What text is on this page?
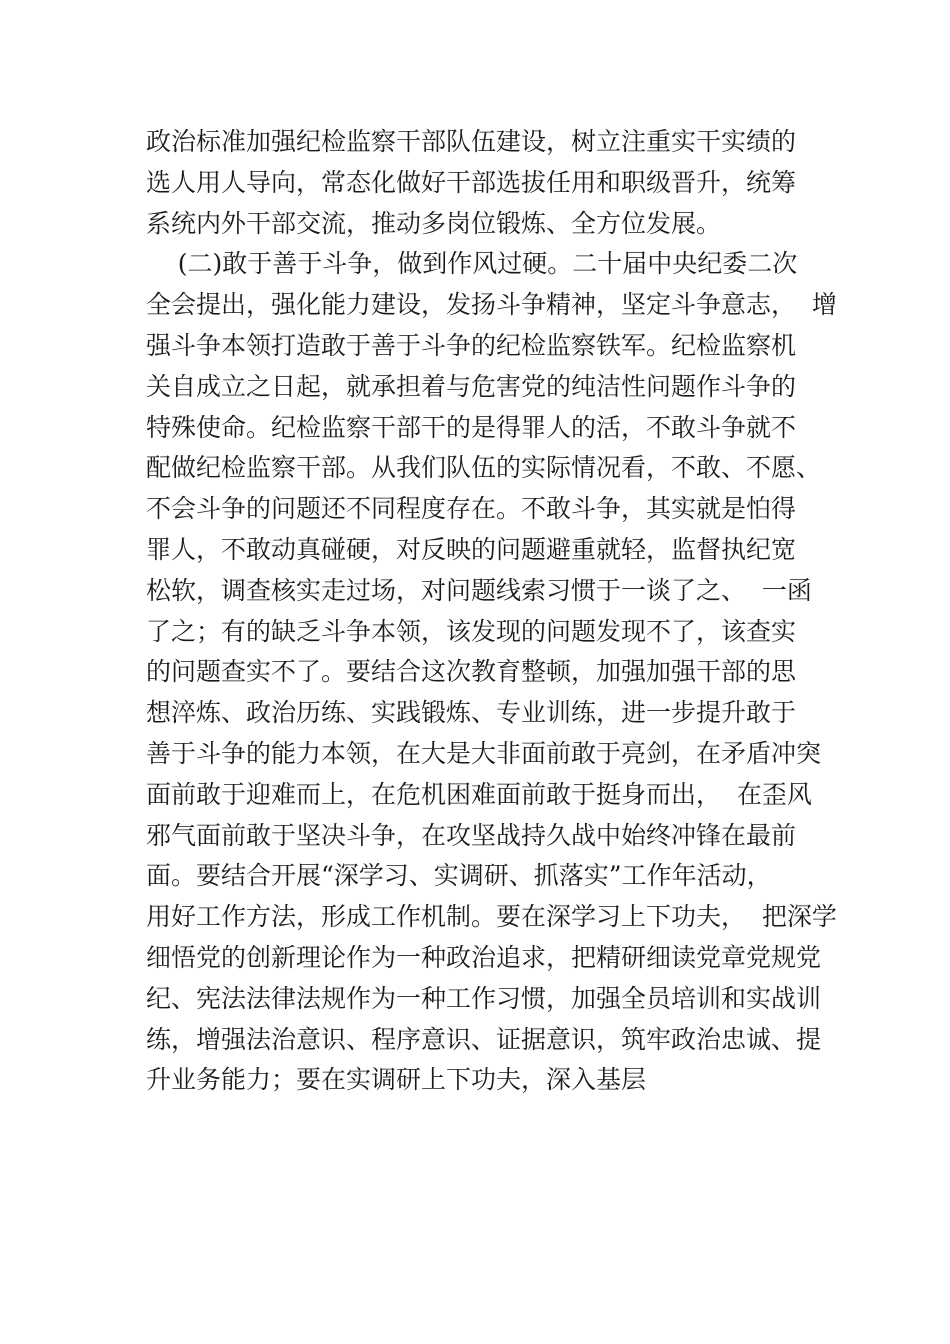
政治标准加强纪检监察干部队伍建设，树立注重实干实绩的
选人用人导向，常态化做好干部选拔任用和职级晋升，统筹
系统内外干部交流，推动多岗位锻炼、全方位发展。
(二)敢于善于斗争，做到作风过硬。二十届中央纪委二次
全会提出，强化能力建设，发扬斗争精神，坚定斗争意志，  增
强斗争本领打造敢于善于斗争的纪检监察铁军。纪检监察机
关自成立之日起，就承担着与危害党的纯洁性问题作斗争的
特殊使命。纪检监察干部干的是得罪人的活，不敢斗争就不
配做纪检监察干部。从我们队伍的实际情况看，不敢、不愿、
不会斗争的问题还不同程度存在。不敢斗争，其实就是怕得
罪人，不敢动真碰硬，对反映的问题避重就轻，监督执纪宽
松软，调查核实走过场，对问题线索习惯于一谈了之、  一函
了之；有的缺乏斗争本领，该发现的问题发现不了，该查实
的问题查实不了。要结合这次教育整顿，加强加强干部的思
想淬炼、政治历练、实践锻炼、专业训练，进一步提升敢于
善于斗争的能力本领，在大是大非面前敢于亮剑，在矛盾冲突
面前敢于迎难而上，在危机困难面前敢于挺身而出，  在歪风
邪气面前敢于坚决斗争，在攻坚战持久战中始终冲锋在最前
面。要结合开展“深学习、实调研、抓落实”工作年活动，
用好工作方法，形成工作机制。要在深学习上下功夫，  把深学
细悟党的创新理论作为一种政治追求，把精研细读党章党规党
纪、宪法法律法规作为一种工作习惯，加强全员培训和实战训
练，增强法治意识、程序意识、证据意识，筑牢政治忠诚、提
升业务能力；要在实调研上下功夫，深入基层
